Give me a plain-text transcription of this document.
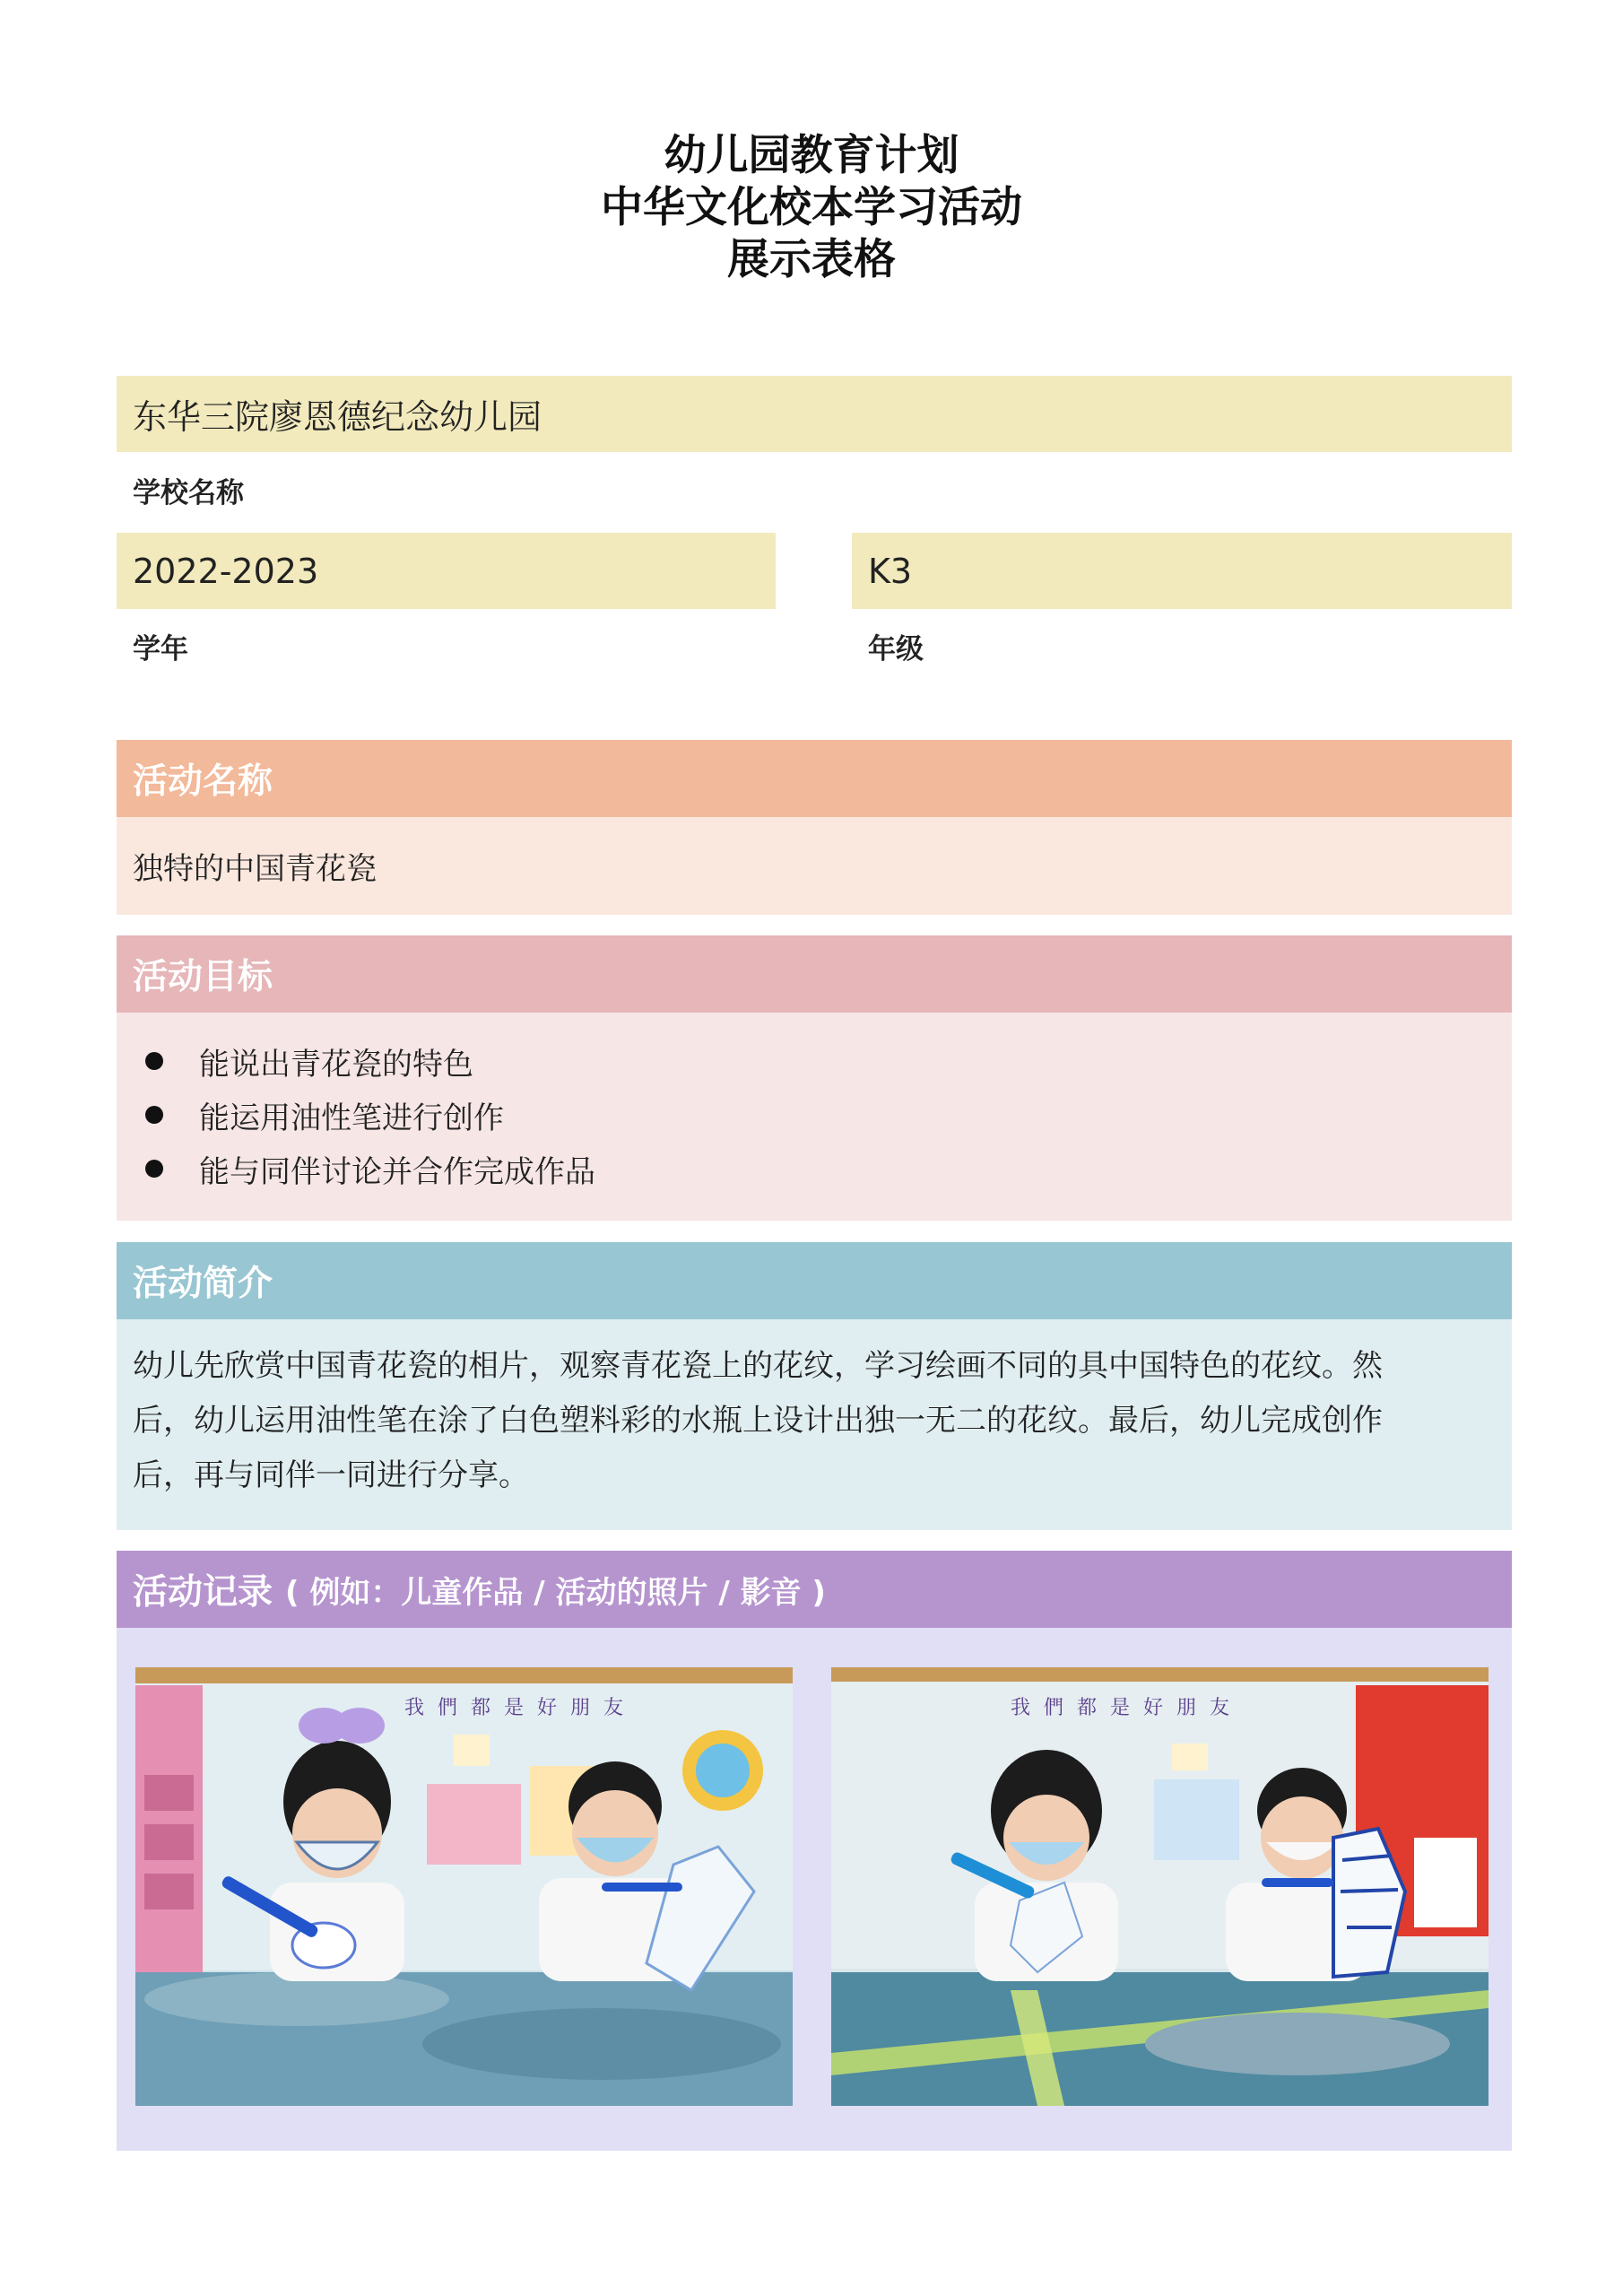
幼儿园教育计划
中华文化校本学习活动
展示表格
东华三院廖恩德纪念幼儿园
学校名称
2022-2023
学年
K3
年级
活动名称
独特的中国青花瓷
活动目标
能说出青花瓷的特色
能运用油性笔进行创作
能与同伴讨论并合作完成作品
活动简介
幼儿先欣赏中国青花瓷的相片，观察青花瓷上的花纹，学习绘画不同的具中国特色的花纹。然
后，幼儿运用油性笔在涂了白色塑料彩的水瓶上设计出独一无二的花纹。最后，幼儿完成创作
后，再与同伴一同进行分享。
活动记录 ( 例如：儿童作品 / 活动的照片 / 影音 )
我 們 都 是 好 朋 友	我 們 都 是 好 朋 友
